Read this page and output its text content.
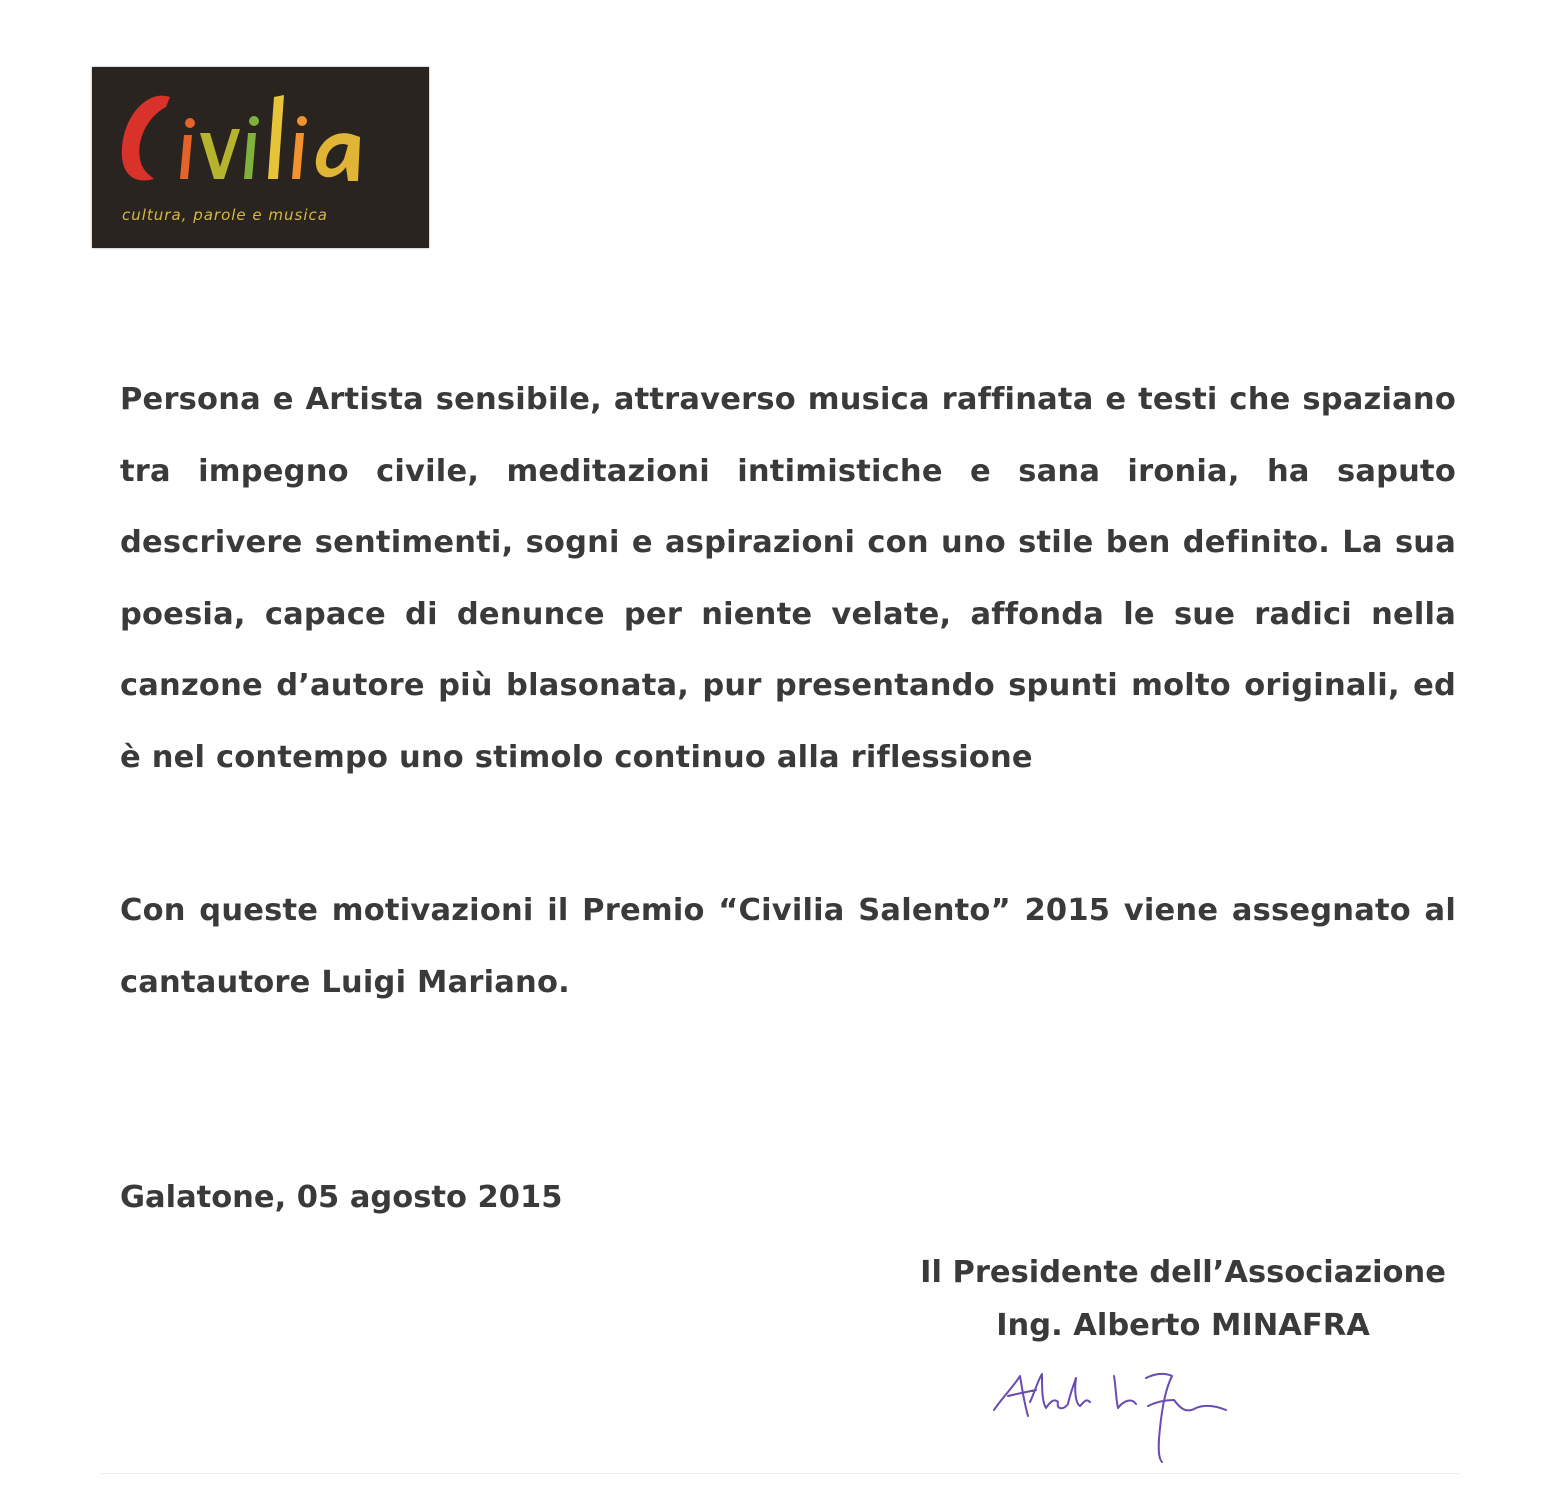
cultura, parole e musica

Persona e Artista sensibile, attraverso musica raffinata e testi che spaziano tra impegno civile, meditazioni intimistiche e sana ironia, ha saputo descrivere sentimenti, sogni e aspirazioni con uno stile ben definito. La sua poesia, capace di denunce per niente velate, affonda le sue radici nella canzone d’autore più blasonata, pur presentando spunti molto originali, ed è nel contempo uno stimolo continuo alla riflessione

Con queste motivazioni il Premio “Civilia Salento” 2015 viene assegnato al cantautore Luigi Mariano.

Galatone, 05 agosto 2015

Il Presidente dell’Associazione
Ing. Alberto MINAFRA
